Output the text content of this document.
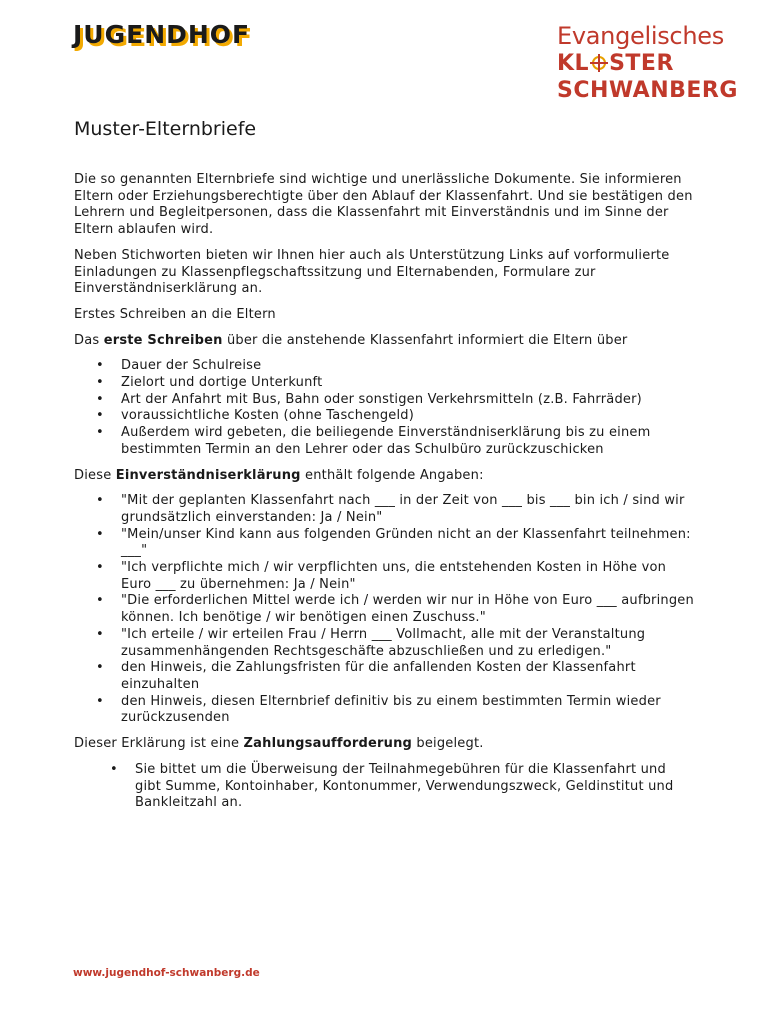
JUGENDHOF	Evangelisches
KL STER
SCHWANBERG
Muster-Elternbriefe

Die so genannten Elternbriefe sind wichtige und unerlässliche Dokumente. Sie informieren Eltern oder Erziehungsberechtigte über den Ablauf der Klassenfahrt. Und sie bestätigen den Lehrern und Begleitpersonen, dass die Klassenfahrt mit Einverständnis und im Sinne der Eltern ablaufen wird.

Neben Stichworten bieten wir Ihnen hier auch als Unterstützung Links auf vorformulierte Einladungen zu Klassenpflegschaftssitzung und Elternabenden, Formulare zur Einverständniserklärung an.

Erstes Schreiben an die Eltern

Das erste Schreiben über die anstehende Klassenfahrt informiert die Eltern über

• Dauer der Schulreise
• Zielort und dortige Unterkunft
• Art der Anfahrt mit Bus, Bahn oder sonstigen Verkehrsmitteln (z.B. Fahrräder)
• voraussichtliche Kosten (ohne Taschengeld)
• Außerdem wird gebeten, die beiliegende Einverständniserklärung bis zu einem bestimmten Termin an den Lehrer oder das Schulbüro zurückzuschicken

Diese Einverständniserklärung enthält folgende Angaben:

• "Mit der geplanten Klassenfahrt nach ___ in der Zeit von ___ bis ___ bin ich / sind wir grundsätzlich einverstanden: Ja / Nein"
• "Mein/unser Kind kann aus folgenden Gründen nicht an der Klassenfahrt teilnehmen: ___"
• "Ich verpflichte mich / wir verpflichten uns, die entstehenden Kosten in Höhe von Euro ___ zu übernehmen: Ja / Nein"
• "Die erforderlichen Mittel werde ich / werden wir nur in Höhe von Euro ___ aufbringen können. Ich benötige / wir benötigen einen Zuschuss."
• "Ich erteile / wir erteilen Frau / Herrn ___ Vollmacht, alle mit der Veranstaltung zusammenhängenden Rechtsgeschäfte abzuschließen und zu erledigen."
• den Hinweis, die Zahlungsfristen für die anfallenden Kosten der Klassenfahrt einzuhalten
• den Hinweis, diesen Elternbrief definitiv bis zu einem bestimmten Termin wieder zurückzusenden

Dieser Erklärung ist eine Zahlungsaufforderung beigelegt.

• Sie bittet um die Überweisung der Teilnahmegebühren für die Klassenfahrt und gibt Summe, Kontoinhaber, Kontonummer, Verwendungszweck, Geldinstitut und Bankleitzahl an.
www.jugendhof-schwanberg.de
